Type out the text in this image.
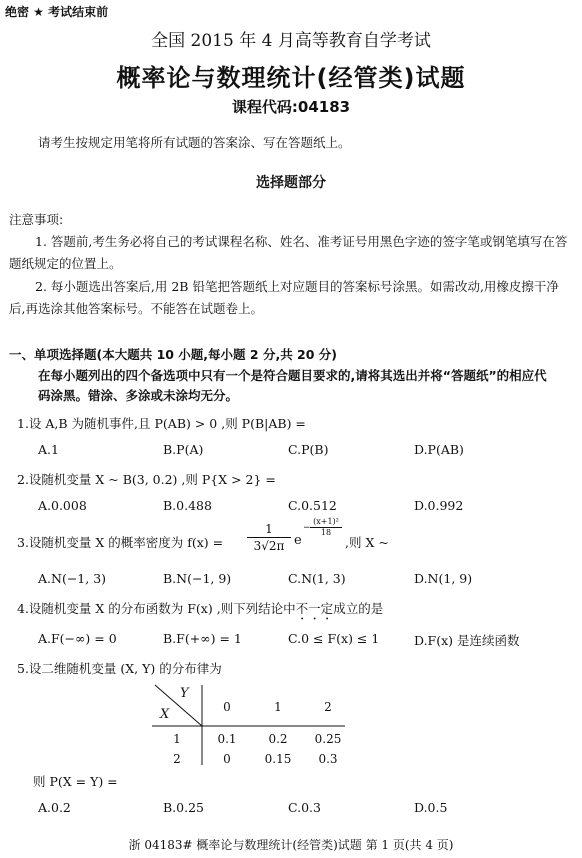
绝密 ★ 考试结束前
全国 2015 年 4 月高等教育自学考试
概率论与数理统计(经管类)试题
课程代码:04183
请考生按规定用笔将所有试题的答案涂、写在答题纸上。
选择题部分
注意事项:
1. 答题前,考生务必将自己的考试课程名称、姓名、准考证号用黑色字迹的签字笔或钢笔填写在答题纸规定的位置上。
2. 每小题选出答案后,用 2B 铅笔把答题纸上对应题目的答案标号涂黑。如需改动,用橡皮擦干净后,再选涂其他答案标号。不能答在试题卷上。
一、单项选择题(本大题共 10 小题,每小题 2 分,共 20 分)
在每小题列出的四个备选项中只有一个是符合题目要求的,请将其选出并将“答题纸”的相应代码涂黑。错涂、多涂或未涂均无分。
1.设 A,B 为随机事件,且 P(AB) > 0 ,则 P(B|AB) =
A.1	B.P(A)	C.P(B)	D.P(AB)
2.设随机变量 X ~ B(3, 0.2) ,则 P{X > 2} =
A.0.008	B.0.488	C.0.512	D.0.992
3.设随机变量 X 的概率密度为 $f(x) = \frac{1}{3√2\pi}$ e
− $\frac{\text{(x+1)²}}{18}$
,则 X ~
A.N(−1, 3)	B.N(−1, 9)	C.N(1, 3)	D.N(1, 9)
4.设随机变量 X 的分布函数为 F(x) ,则下列结论中不一定成立的是
A.F(−∞) = 0	B.F(+∞) = 1	C.0 ≤ F(x) ≤ 1	D.F(x) 是连续函数
5.设二维随机变量 (X, Y) 的分布律为
Y
X	0	1	2
1	0.1	0.2	0.25
2	0	0.15	0.3
则 P(X = Y) =
A.0.2	B.0.25	C.0.3	D.0.5
浙 04183# 概率论与数理统计(经管类)试题 第 1 页(共 4 页)
